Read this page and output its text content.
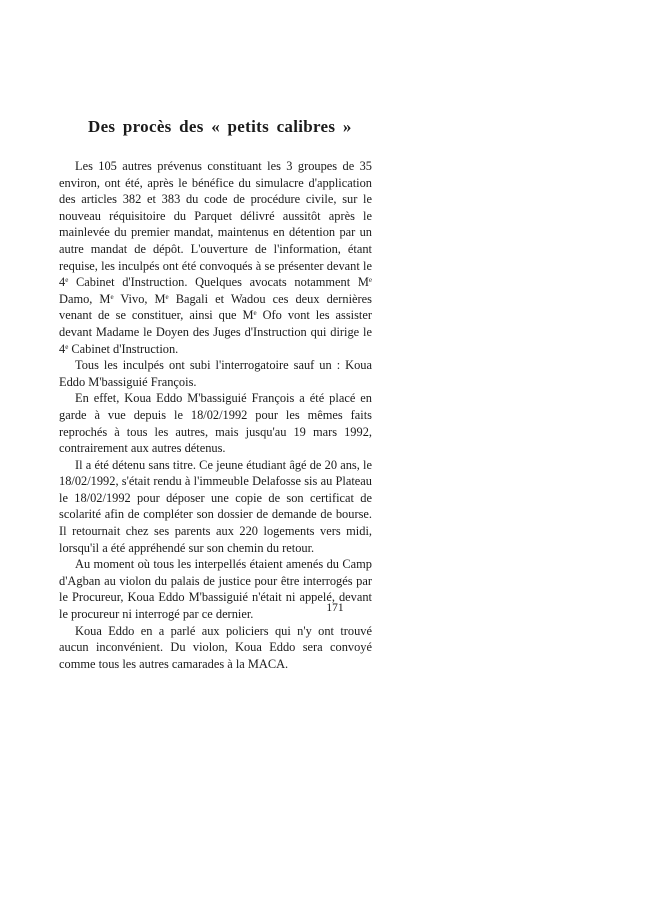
Des procès des « petits calibres »

Les 105 autres prévenus constituant les 3 groupes de 35 environ, ont été, après le bénéfice du simulacre d'application des articles 382 et 383 du code de procédure civile, sur le nouveau réquisitoire du Parquet délivré aussitôt après le mainlevée du premier mandat, maintenus en détention par un autre mandat de dépôt. L'ouverture de l'information, étant requise, les inculpés ont été convoqués à se présenter devant le 4e Cabinet d'Instruction. Quelques avocats notamment Me Damo, Me Vivo, Me Bagali et Wadou ces deux dernières venant de se constituer, ainsi que Me Ofo vont les assister devant Madame le Doyen des Juges d'Instruction qui dirige le 4e Cabinet d'Instruction.

Tous les inculpés ont subi l'interrogatoire sauf un : Koua Eddo M'bassiguié François.

En effet, Koua Eddo M'bassiguié François a été placé en garde à vue depuis le 18/02/1992 pour les mêmes faits reprochés à tous les autres, mais jusqu'au 19 mars 1992, contrairement aux autres détenus.

Il a été détenu sans titre. Ce jeune étudiant âgé de 20 ans, le 18/02/1992, s'était rendu à l'immeuble Delafosse sis au Plateau le 18/02/1992 pour déposer une copie de son certificat de scolarité afin de compléter son dossier de demande de bourse. Il retournait chez ses parents aux 220 logements vers midi, lorsqu'il a été appréhendé sur son chemin du retour.

Au moment où tous les interpellés étaient amenés du Camp d'Agban au violon du palais de justice pour être interrogés par le Procureur, Koua Eddo M'bassiguié n'était ni appelé, devant le procureur ni interrogé par ce dernier.

Koua Eddo en a parlé aux policiers qui n'y ont trouvé aucun inconvénient. Du violon, Koua Eddo sera convoyé comme tous les autres camarades à la MACA.

171
